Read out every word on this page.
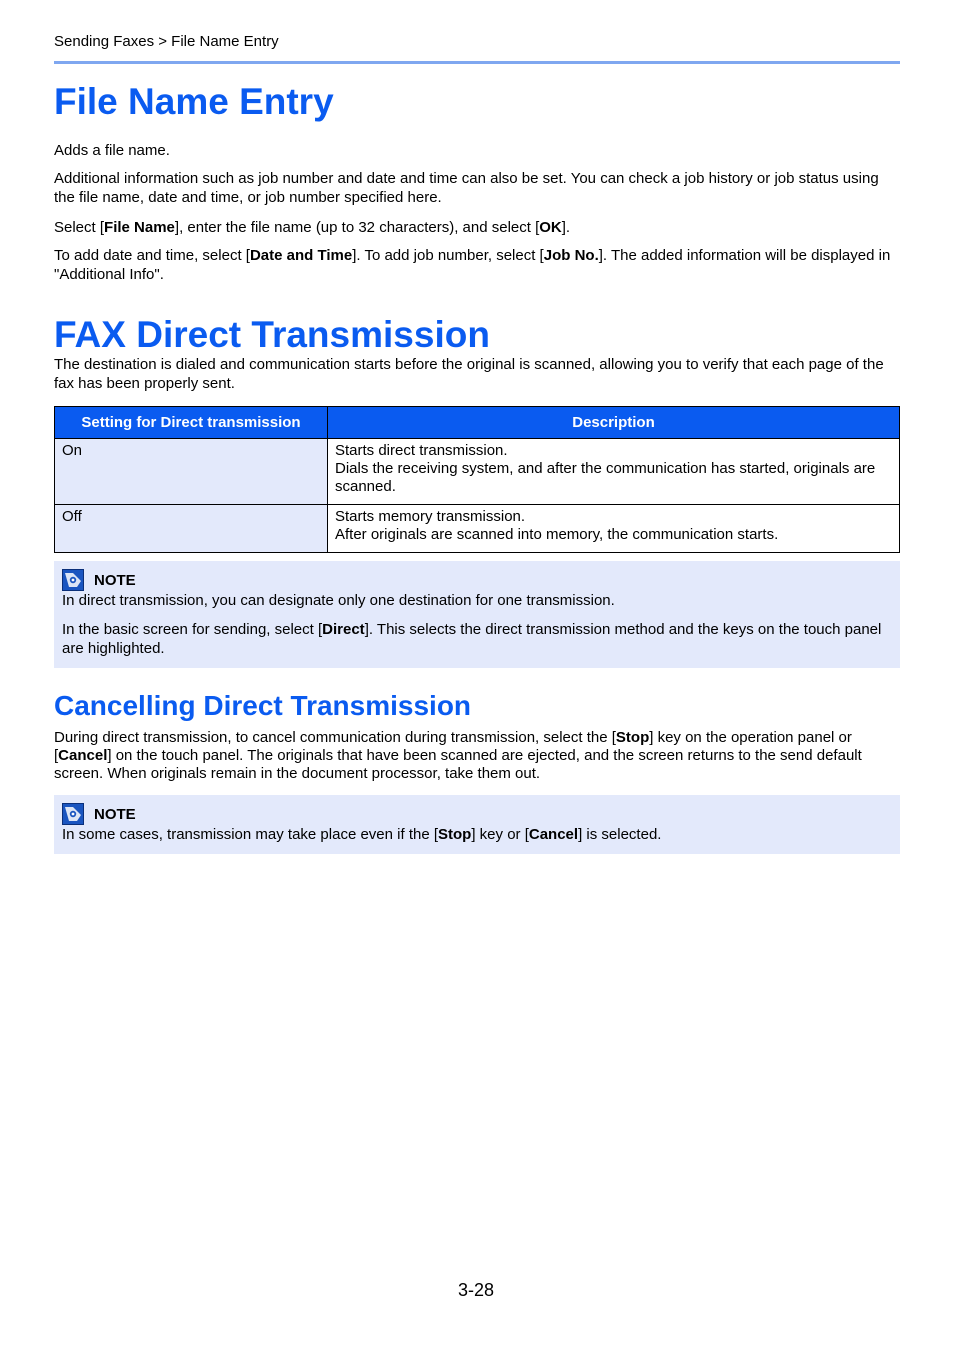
Sending Faxes > File Name Entry
File Name Entry

Adds a file name.

Additional information such as job number and date and time can also be set. You can check a job history or job status using the file name, date and time, or job number specified here.

Select [File Name], enter the file name (up to 32 characters), and select [OK].

To add date and time, select [Date and Time]. To add job number, select [Job No.]. The added information will be displayed in "Additional Info".

FAX Direct Transmission

The destination is dialed and communication starts before the original is scanned, allowing you to verify that each page of the fax has been properly sent.

Setting for Direct transmission	Description
On	Starts direct transmission.
Dials the receiving system, and after the communication has started, originals are scanned.

Off	Starts memory transmission.
After originals are scanned into memory, the communication starts.
NOTE

In direct transmission, you can designate only one destination for one transmission.

In the basic screen for sending, select [Direct]. This selects the direct transmission method and the keys on the touch panel are highlighted.

Cancelling Direct Transmission

During direct transmission, to cancel communication during transmission, select the [Stop] key on the operation panel or [Cancel] on the touch panel. The originals that have been scanned are ejected, and the screen returns to the send default screen. When originals remain in the document processor, take them out.

NOTE

In some cases, transmission may take place even if the [Stop] key or [Cancel] is selected.

3-28
